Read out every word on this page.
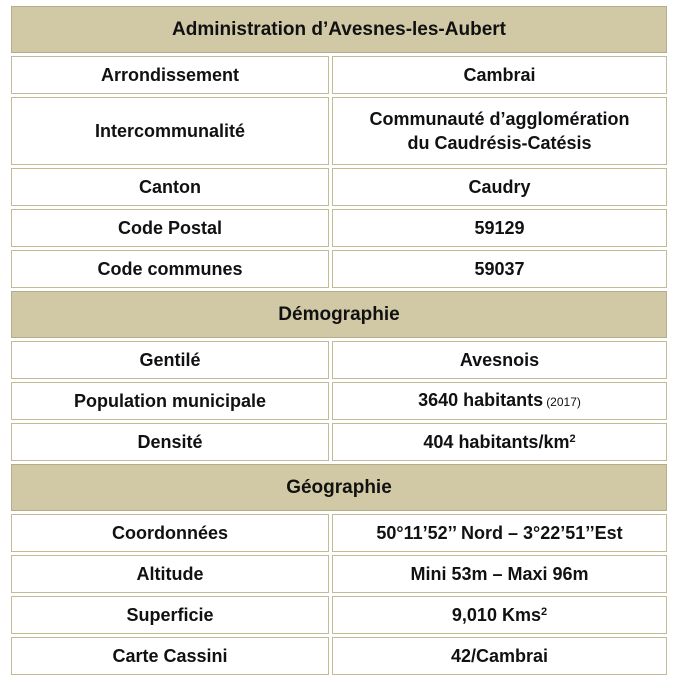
Administration d’Avesnes-les-Aubert	
Arrondissement	Cambrai
Intercommunalité	Communauté d’agglomération
du Caudrésis-Catésis
Canton	Caudry
Code Postal	59129
Code communes	59037
Démographie	
Gentilé	Avesnois
Population municipale	3640 habitants (2017)
Densité	404 habitants/$km^2$
Géographie	
Coordonnées	50°11’52’’ Nord – 3°22’51’’Est
Altitude	Mini 53m – Maxi 96m
Superficie	9,010 Kms$^2$
Carte Cassini	42/Cambrai
